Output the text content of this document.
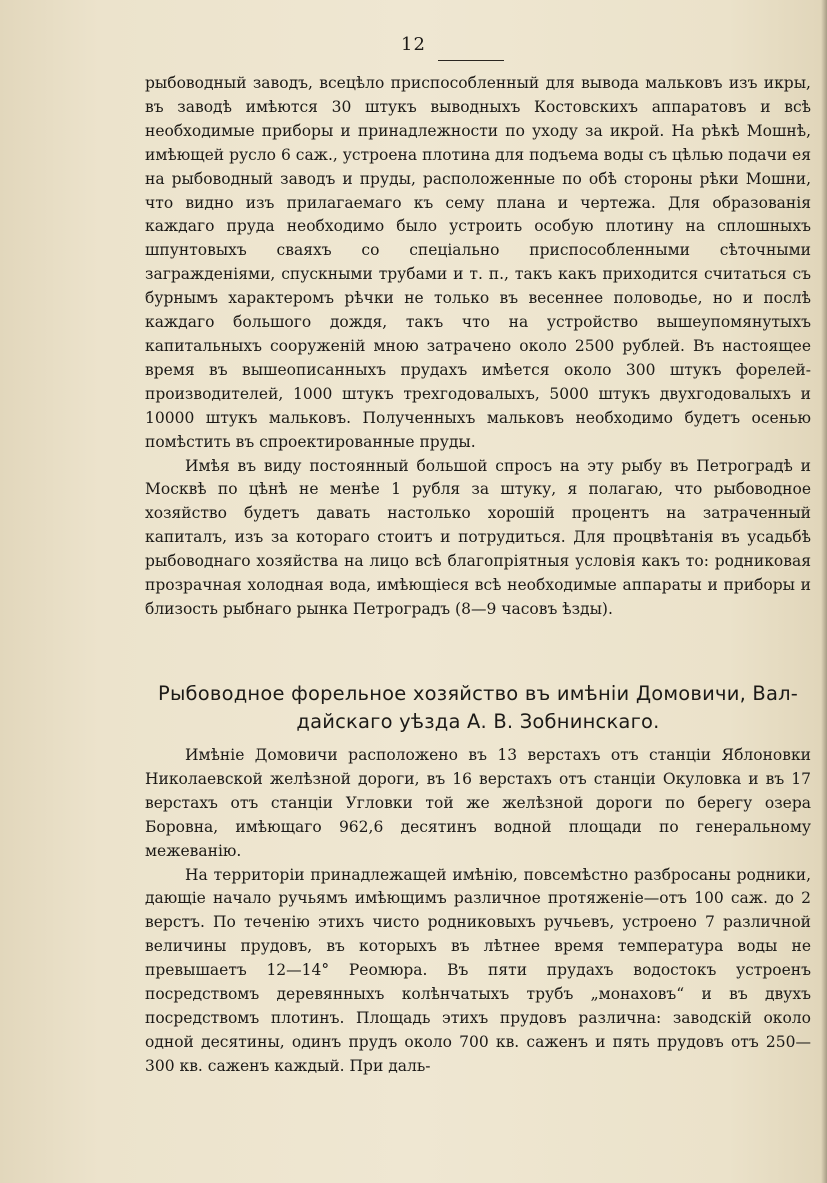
12

рыбоводный заводъ, всецѣло приспособленный для вывода мальковъ изъ икры, въ заводѣ имѣются 30 штукъ выводныхъ Костовскихъ аппаратовъ и всѣ необходимые приборы и принадлежности по уходу за икрой. На рѣкѣ Мошнѣ, имѣющей русло 6 саж., устроена плотина для подъема воды съ цѣлью подачи ея на рыбоводный заводъ и пруды, расположенные по обѣ стороны рѣки Мошни, что видно изъ прилагаемаго къ сему плана и чертежа. Для образованія каждаго пруда необходимо было устроить особую плотину на сплошныхъ шпунтовыхъ сваяхъ со спеціально приспособленными сѣточными загражденіями, спускными трубами и т. п., такъ какъ приходится считаться съ бурнымъ характеромъ рѣчки не только въ весеннее половодье, но и послѣ каждаго большого дождя, такъ что на устройство вышеупомянутыхъ капитальныхъ сооруженій мною затрачено около 2500 рублей. Въ настоящее время въ вышеописанныхъ прудахъ имѣется около 300 штукъ форелей-производителей, 1000 штукъ трехгодовалыхъ, 5000 штукъ двухгодовалыхъ и 10000 штукъ мальковъ. Полученныхъ мальковъ необходимо будетъ осенью помѣстить въ спроектированные пруды.

Имѣя въ виду постоянный большой спросъ на эту рыбу въ Петроградѣ и Москвѣ по цѣнѣ не менѣе 1 рубля за штуку, я полагаю, что рыбоводное хозяйство будетъ давать настолько хорошій процентъ на затраченный капиталъ, изъ за котораго стоитъ и потрудиться. Для процвѣтанія въ усадьбѣ рыбоводнаго хозяйства на лицо всѣ благопріятныя условія какъ то: родниковая прозрачная холодная вода, имѣющіеся всѣ необходимые аппараты и приборы и близость рыбнаго рынка Петроградъ (8—9 часовъ ѣзды).

Рыбоводное форельное хозяйство въ имѣніи Домовичи, Вал-
дайскаго уѣзда А. В. Зобнинскаго.

Имѣніе Домовичи расположено въ 13 верстахъ отъ станціи Яблоновки Николаевской желѣзной дороги, въ 16 верстахъ отъ станціи Окуловка и въ 17 верстахъ отъ станціи Угловки той же желѣзной дороги по берегу озера Боровна, имѣющаго 962,6 десятинъ водной площади по генеральному межеванію.

На территоріи принадлежащей имѣнію, повсемѣстно разбросаны родники, дающіе начало ручьямъ имѣющимъ различное протяженіе—отъ 100 саж. до 2 верстъ. По теченію этихъ чисто родниковыхъ ручьевъ, устроено 7 различной величины прудовъ, въ которыхъ въ лѣтнее время температура воды не превышаетъ 12—14° Реомюра. Въ пяти прудахъ водостокъ устроенъ посредствомъ деревянныхъ колѣнчатыхъ трубъ „монаховъ“ и въ двухъ посредствомъ плотинъ. Площадь этихъ прудовъ различна: заводскій около одной десятины, одинъ прудъ около 700 кв. саженъ и пять прудовъ отъ 250—300 кв. саженъ каждый. При даль-
